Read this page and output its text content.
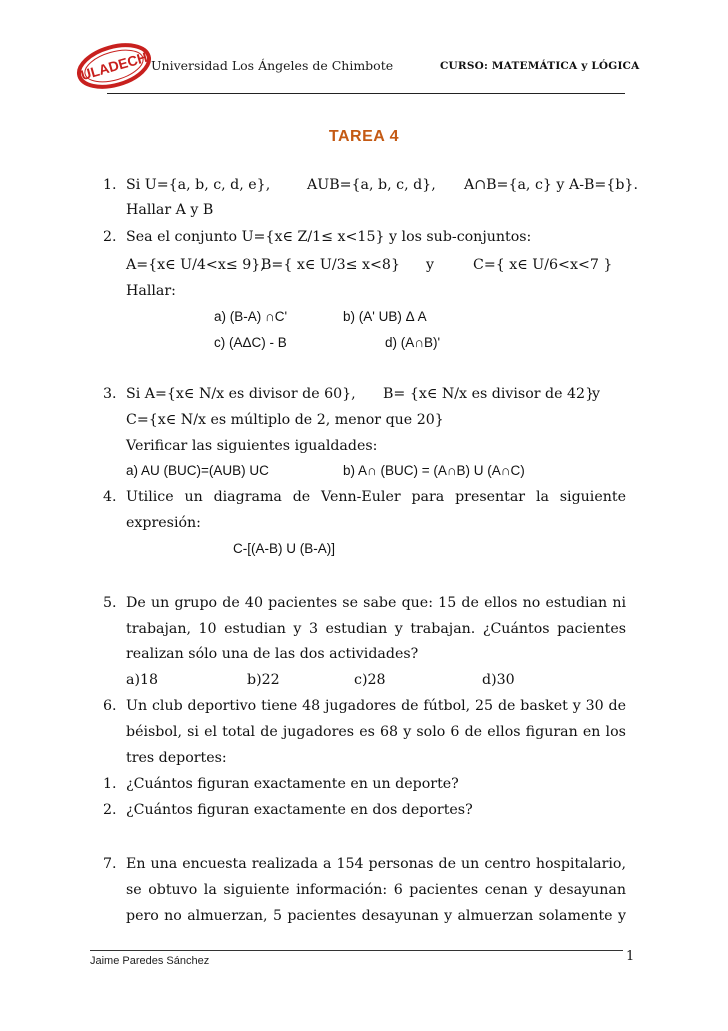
ULADECH Universidad Los Ángeles de Chimbote	CURSO: MATEMÁTICA y LÓGICA
TAREA 4
1. Si U={a, b, c, d, e},	AUB={a, b, c, d}, A∩B={a, c} y A-B={b}.
Hallar A y B
2. Sea el conjunto U={x∈ Z/1≤ x<15} y los sub-conjuntos:
A={x∈ U/4<x≤ 9},
B={ x∈ U/3≤ x<8} y	C={ x∈ U/6<x<7 }
Hallar:
a) (B-A) ∩C'	b) (A' UB) Δ A
c) (AΔC) - B	d) (A∩B)'
3. Si A={x∈ N/x es divisor de 60}, B= {x∈ N/x es divisor de 42}
y
C={x∈ N/x es múltiplo de 2, menor que 20}
Verificar las siguientes igualdades:
a) AU (BUC)=(AUB) UC	b) A∩ (BUC) = (A∩B) U (A∩C)
4. Utilice un diagrama de Venn-Euler para presentar la siguiente
expresión:
C-[(A-B) U (B-A)]
5. De un grupo de 40 pacientes se sabe que: 15 de ellos no estudian ni
trabajan, 10 estudian y 3 estudian y trabajan. ¿Cuántos pacientes
realizan sólo una de las dos actividades?
a)18	b)22	c)28	d)30
6. Un club deportivo tiene 48 jugadores de fútbol, 25 de basket y 30 de
béisbol, si el total de jugadores es 68 y solo 6 de ellos figuran en los
tres deportes:
1. ¿Cuántos figuran exactamente en un deporte?
2. ¿Cuántos figuran exactamente en dos deportes?
7. En una encuesta realizada a 154 personas de un centro hospitalario,
se obtuvo la siguiente información: 6 pacientes cenan y desayunan
pero no almuerzan, 5 pacientes desayunan y almuerzan solamente y
Jaime Paredes Sánchez	1
